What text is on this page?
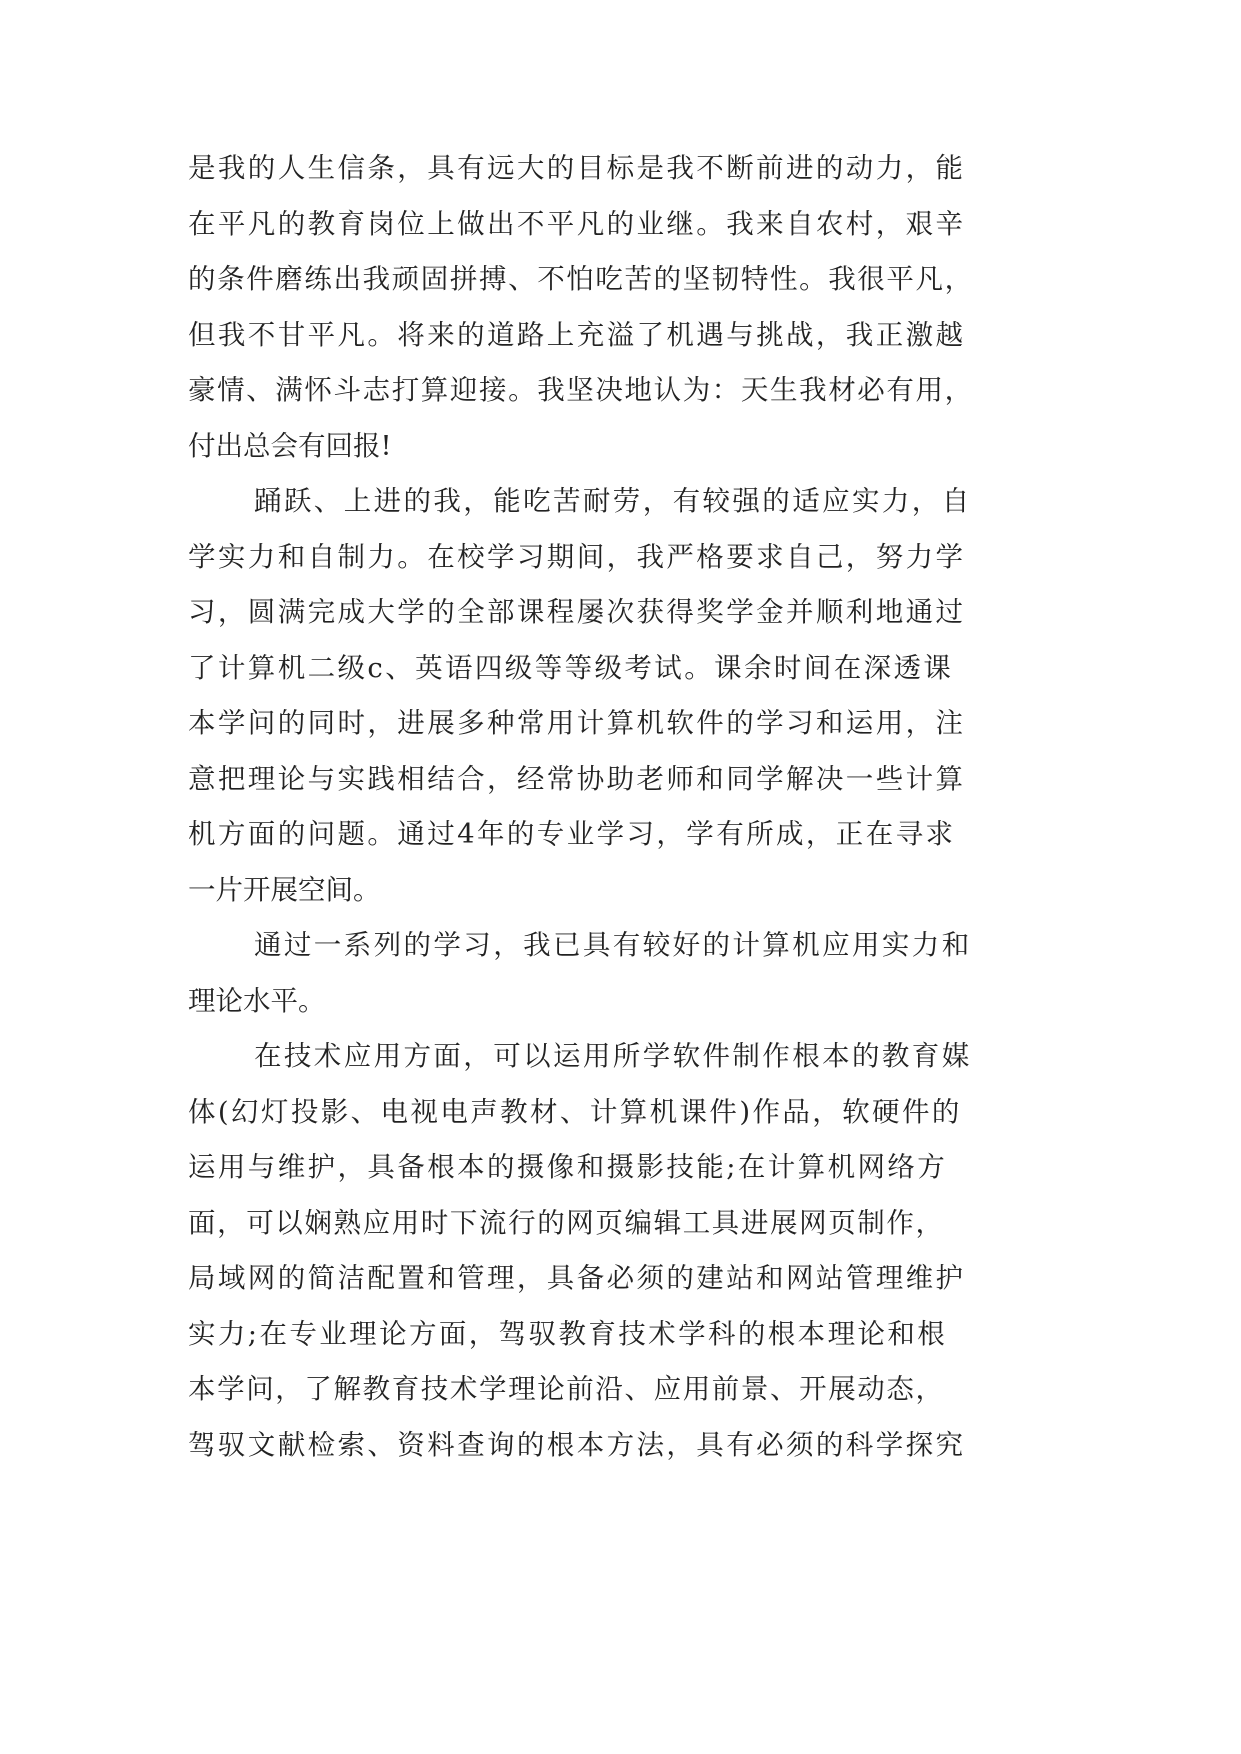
是我的人生信条，具有远大的目标是我不断前进的动力，能
在平凡的教育岗位上做出不平凡的业继。我来自农村，艰辛
的条件磨练出我顽固拼搏、不怕吃苦的坚韧特性。我很平凡，
但我不甘平凡。将来的道路上充溢了机遇与挑战，我正激越
豪情、满怀斗志打算迎接。我坚决地认为：天生我材必有用，
付出总会有回报!
踊跃、上进的我，能吃苦耐劳，有较强的适应实力，自
学实力和自制力。在校学习期间，我严格要求自己，努力学
习，圆满完成大学的全部课程屡次获得奖学金并顺利地通过
了计算机二级c、英语四级等等级考试。课余时间在深透课
本学问的同时，进展多种常用计算机软件的学习和运用，注
意把理论与实践相结合，经常协助老师和同学解决一些计算
机方面的问题。通过4年的专业学习，学有所成，正在寻求
一片开展空间。
通过一系列的学习，我已具有较好的计算机应用实力和
理论水平。
在技术应用方面，可以运用所学软件制作根本的教育媒
体(幻灯投影、电视电声教材、计算机课件)作品，软硬件的
运用与维护，具备根本的摄像和摄影技能;在计算机网络方
面，可以娴熟应用时下流行的网页编辑工具进展网页制作，
局域网的简洁配置和管理，具备必须的建站和网站管理维护
实力;在专业理论方面，驾驭教育技术学科的根本理论和根
本学问，了解教育技术学理论前沿、应用前景、开展动态，
驾驭文献检索、资料查询的根本方法，具有必须的科学探究
